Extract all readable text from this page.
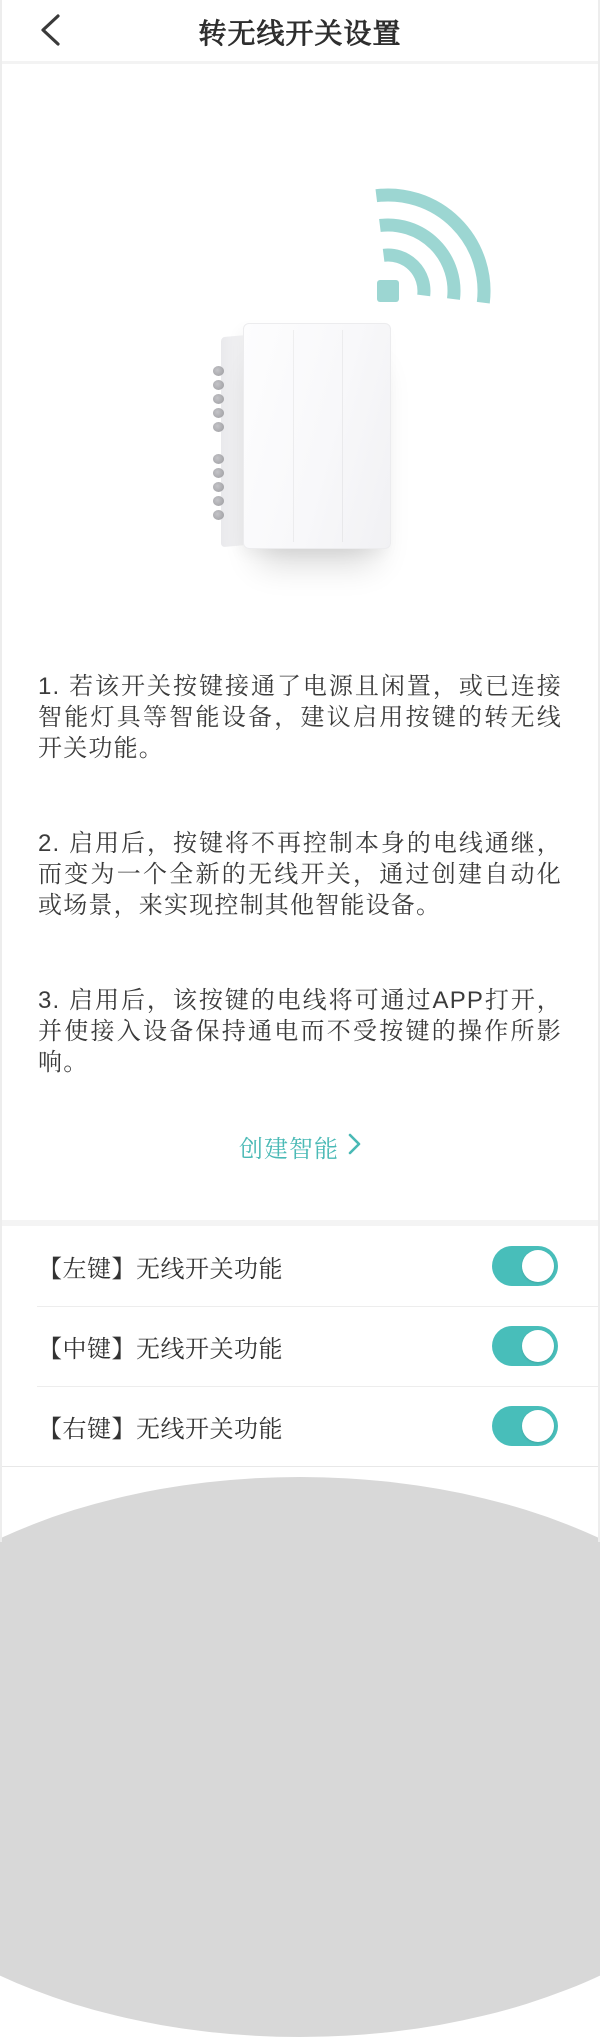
转无线开关设置

1. 若该开关按键接通了电源且闲置，或已连接智能灯具等智能设备，建议启用按键的转无线开关功能。

2. 启用后，按键将不再控制本身的电线通继，而变为一个全新的无线开关，通过创建自动化或场景，来实现控制其他智能设备。

3. 启用后，该按键的电线将可通过APP打开，并使接入设备保持通电而不受按键的操作所影响。

创建智能
【左键】无线开关功能
【中键】无线开关功能
【右键】无线开关功能
